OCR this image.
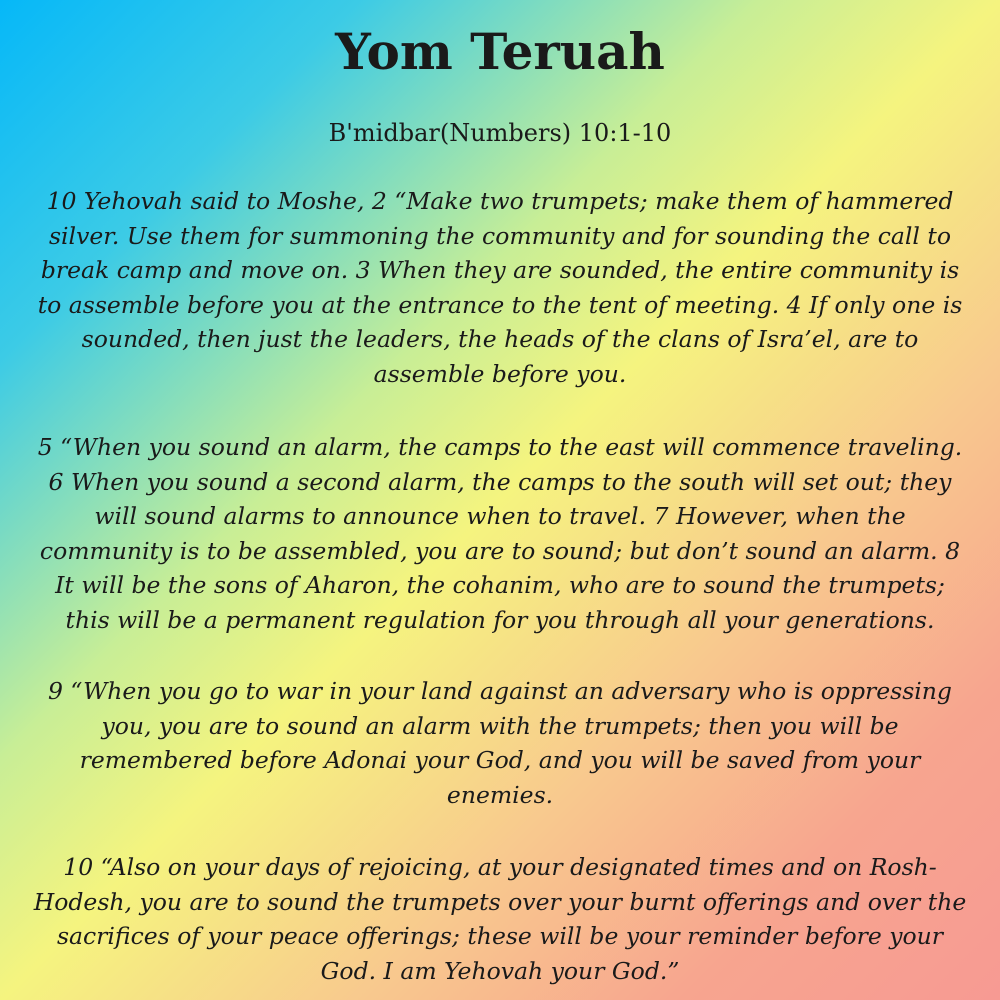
Yom Teruah

B'midbar(Numbers) 10:1-10

10 Yehovah said to Moshe, 2 “Make two trumpets; make them of hammered silver. Use them for summoning the community and for sounding the call to break camp and move on. 3 When they are sounded, the entire community is to assemble before you at the entrance to the tent of meeting. 4 If only one is sounded, then just the leaders, the heads of the clans of Isra’el, are to assemble before you.

5 “When you sound an alarm, the camps to the east will commence traveling. 6 When you sound a second alarm, the camps to the south will set out; they will sound alarms to announce when to travel. 7 However, when the community is to be assembled, you are to sound; but don’t sound an alarm. 8 It will be the sons of Aharon, the cohanim, who are to sound the trumpets; this will be a permanent regulation for you through all your generations.

9 “When you go to war in your land against an adversary who is oppressing you, you are to sound an alarm with the trumpets; then you will be remembered before Adonai your God, and you will be saved from your enemies.

10 “Also on your days of rejoicing, at your designated times and on Rosh-Hodesh, you are to sound the trumpets over your burnt offerings and over the sacrifices of your peace offerings; these will be your reminder before your God. I am Yehovah your God.”
